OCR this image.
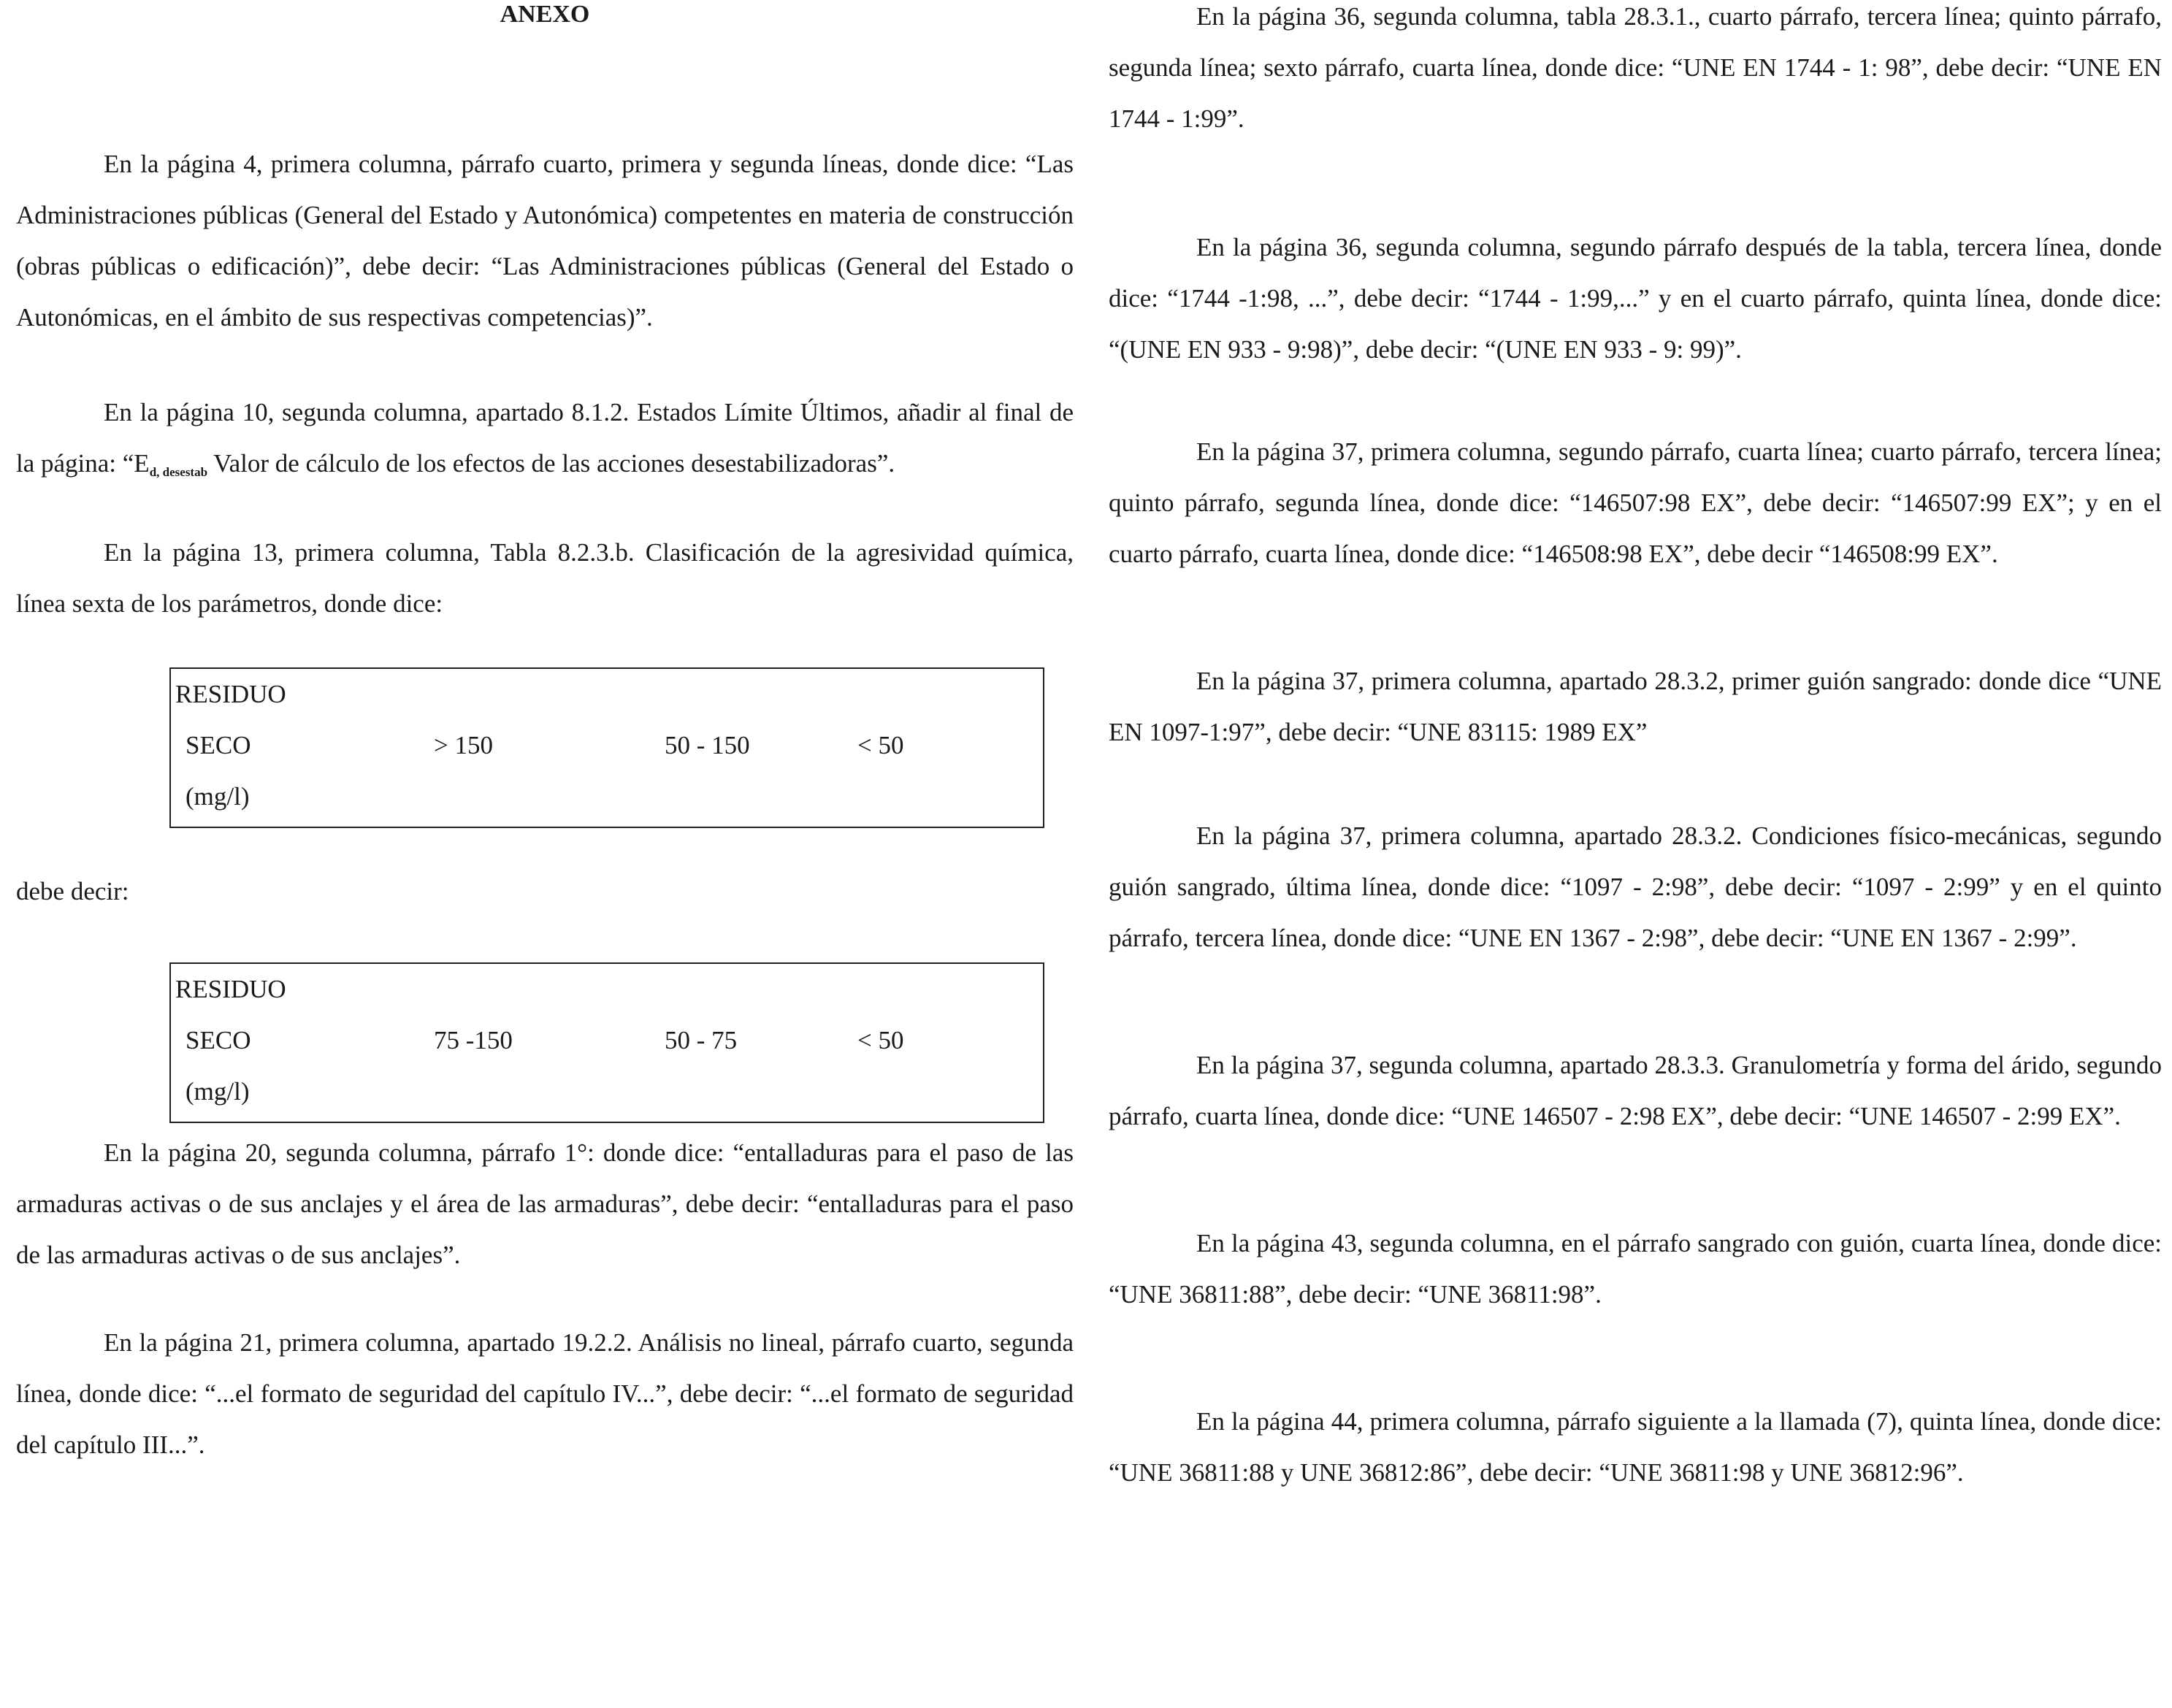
ANEXO

En la página 4, primera columna, párrafo cuarto, primera y segunda líneas, donde dice: “Las Administraciones públicas (General del Estado y Autonómica) competentes en materia de construcción (obras públicas o edificación)”, debe decir: “Las Administraciones públicas (General del Estado o Autonómicas, en el ámbito de sus respectivas competencias)”.

En la página 10, segunda columna, apartado 8.1.2. Estados Límite Últimos, añadir al final de la página: “Ed, desestab Valor de cálculo de los efectos de las acciones desestabilizadoras”.

En la página 13, primera columna, Tabla 8.2.3.b. Clasificación de la agresividad química, línea sexta de los parámetros, donde dice:

RESIDUO
SECO	> 150	50 - 150	< 50
(mg/l)

debe decir:

RESIDUO
SECO	75 -150	50 - 75	< 50
(mg/l)

En la página 20, segunda columna, párrafo 1°: donde dice: “entalladuras para el paso de las armaduras activas o de sus anclajes y el área de las armaduras”, debe decir: “entalladuras para el paso de las armaduras activas o de sus anclajes”.

En la página 21, primera columna, apartado 19.2.2. Análisis no lineal, párrafo cuarto, segunda línea, donde dice: “...el formato de seguridad del capítulo IV...”, debe decir: “...el formato de seguridad del capítulo III...”.

En la página 36, segunda columna, tabla 28.3.1., cuarto párrafo, tercera línea; quinto párrafo, segunda línea; sexto párrafo, cuarta línea, donde dice: “UNE EN 1744 - 1: 98”, debe decir: “UNE EN 1744 - 1:99”.

En la página 36, segunda columna, segundo párrafo después de la tabla, tercera línea, donde dice: “1744 -1:98, ...”, debe decir: “1744 - 1:99,...” y en el cuarto párrafo, quinta línea, donde dice: “(UNE EN 933 - 9:98)”, debe decir: “(UNE EN 933 - 9: 99)”.

En la página 37, primera columna, segundo párrafo, cuarta línea; cuarto párrafo, tercera línea; quinto párrafo, segunda línea, donde dice: “146507:98 EX”, debe decir: “146507:99 EX”; y en el cuarto párrafo, cuarta línea, donde dice: “146508:98 EX”, debe decir “146508:99 EX”.

En la página 37, primera columna, apartado 28.3.2, primer guión sangrado: donde dice “UNE EN 1097-1:97”, debe decir: “UNE 83115: 1989 EX”

En la página 37, primera columna, apartado 28.3.2. Condiciones físico-mecánicas, segundo guión sangrado, última línea, donde dice: “1097 - 2:98”, debe decir: “1097 - 2:99” y en el quinto párrafo, tercera línea, donde dice: “UNE EN 1367 - 2:98”, debe decir: “UNE EN 1367 - 2:99”.

En la página 37, segunda columna, apartado 28.3.3. Granulometría y forma del árido, segundo párrafo, cuarta línea, donde dice: “UNE 146507 - 2:98 EX”, debe decir: “UNE 146507 - 2:99 EX”.

En la página 43, segunda columna, en el párrafo sangrado con guión, cuarta línea, donde dice: “UNE 36811:88”, debe decir: “UNE 36811:98”.

En la página 44, primera columna, párrafo siguiente a la llamada (7), quinta línea, donde dice: “UNE 36811:88 y UNE 36812:86”, debe decir: “UNE 36811:98 y UNE 36812:96”.
